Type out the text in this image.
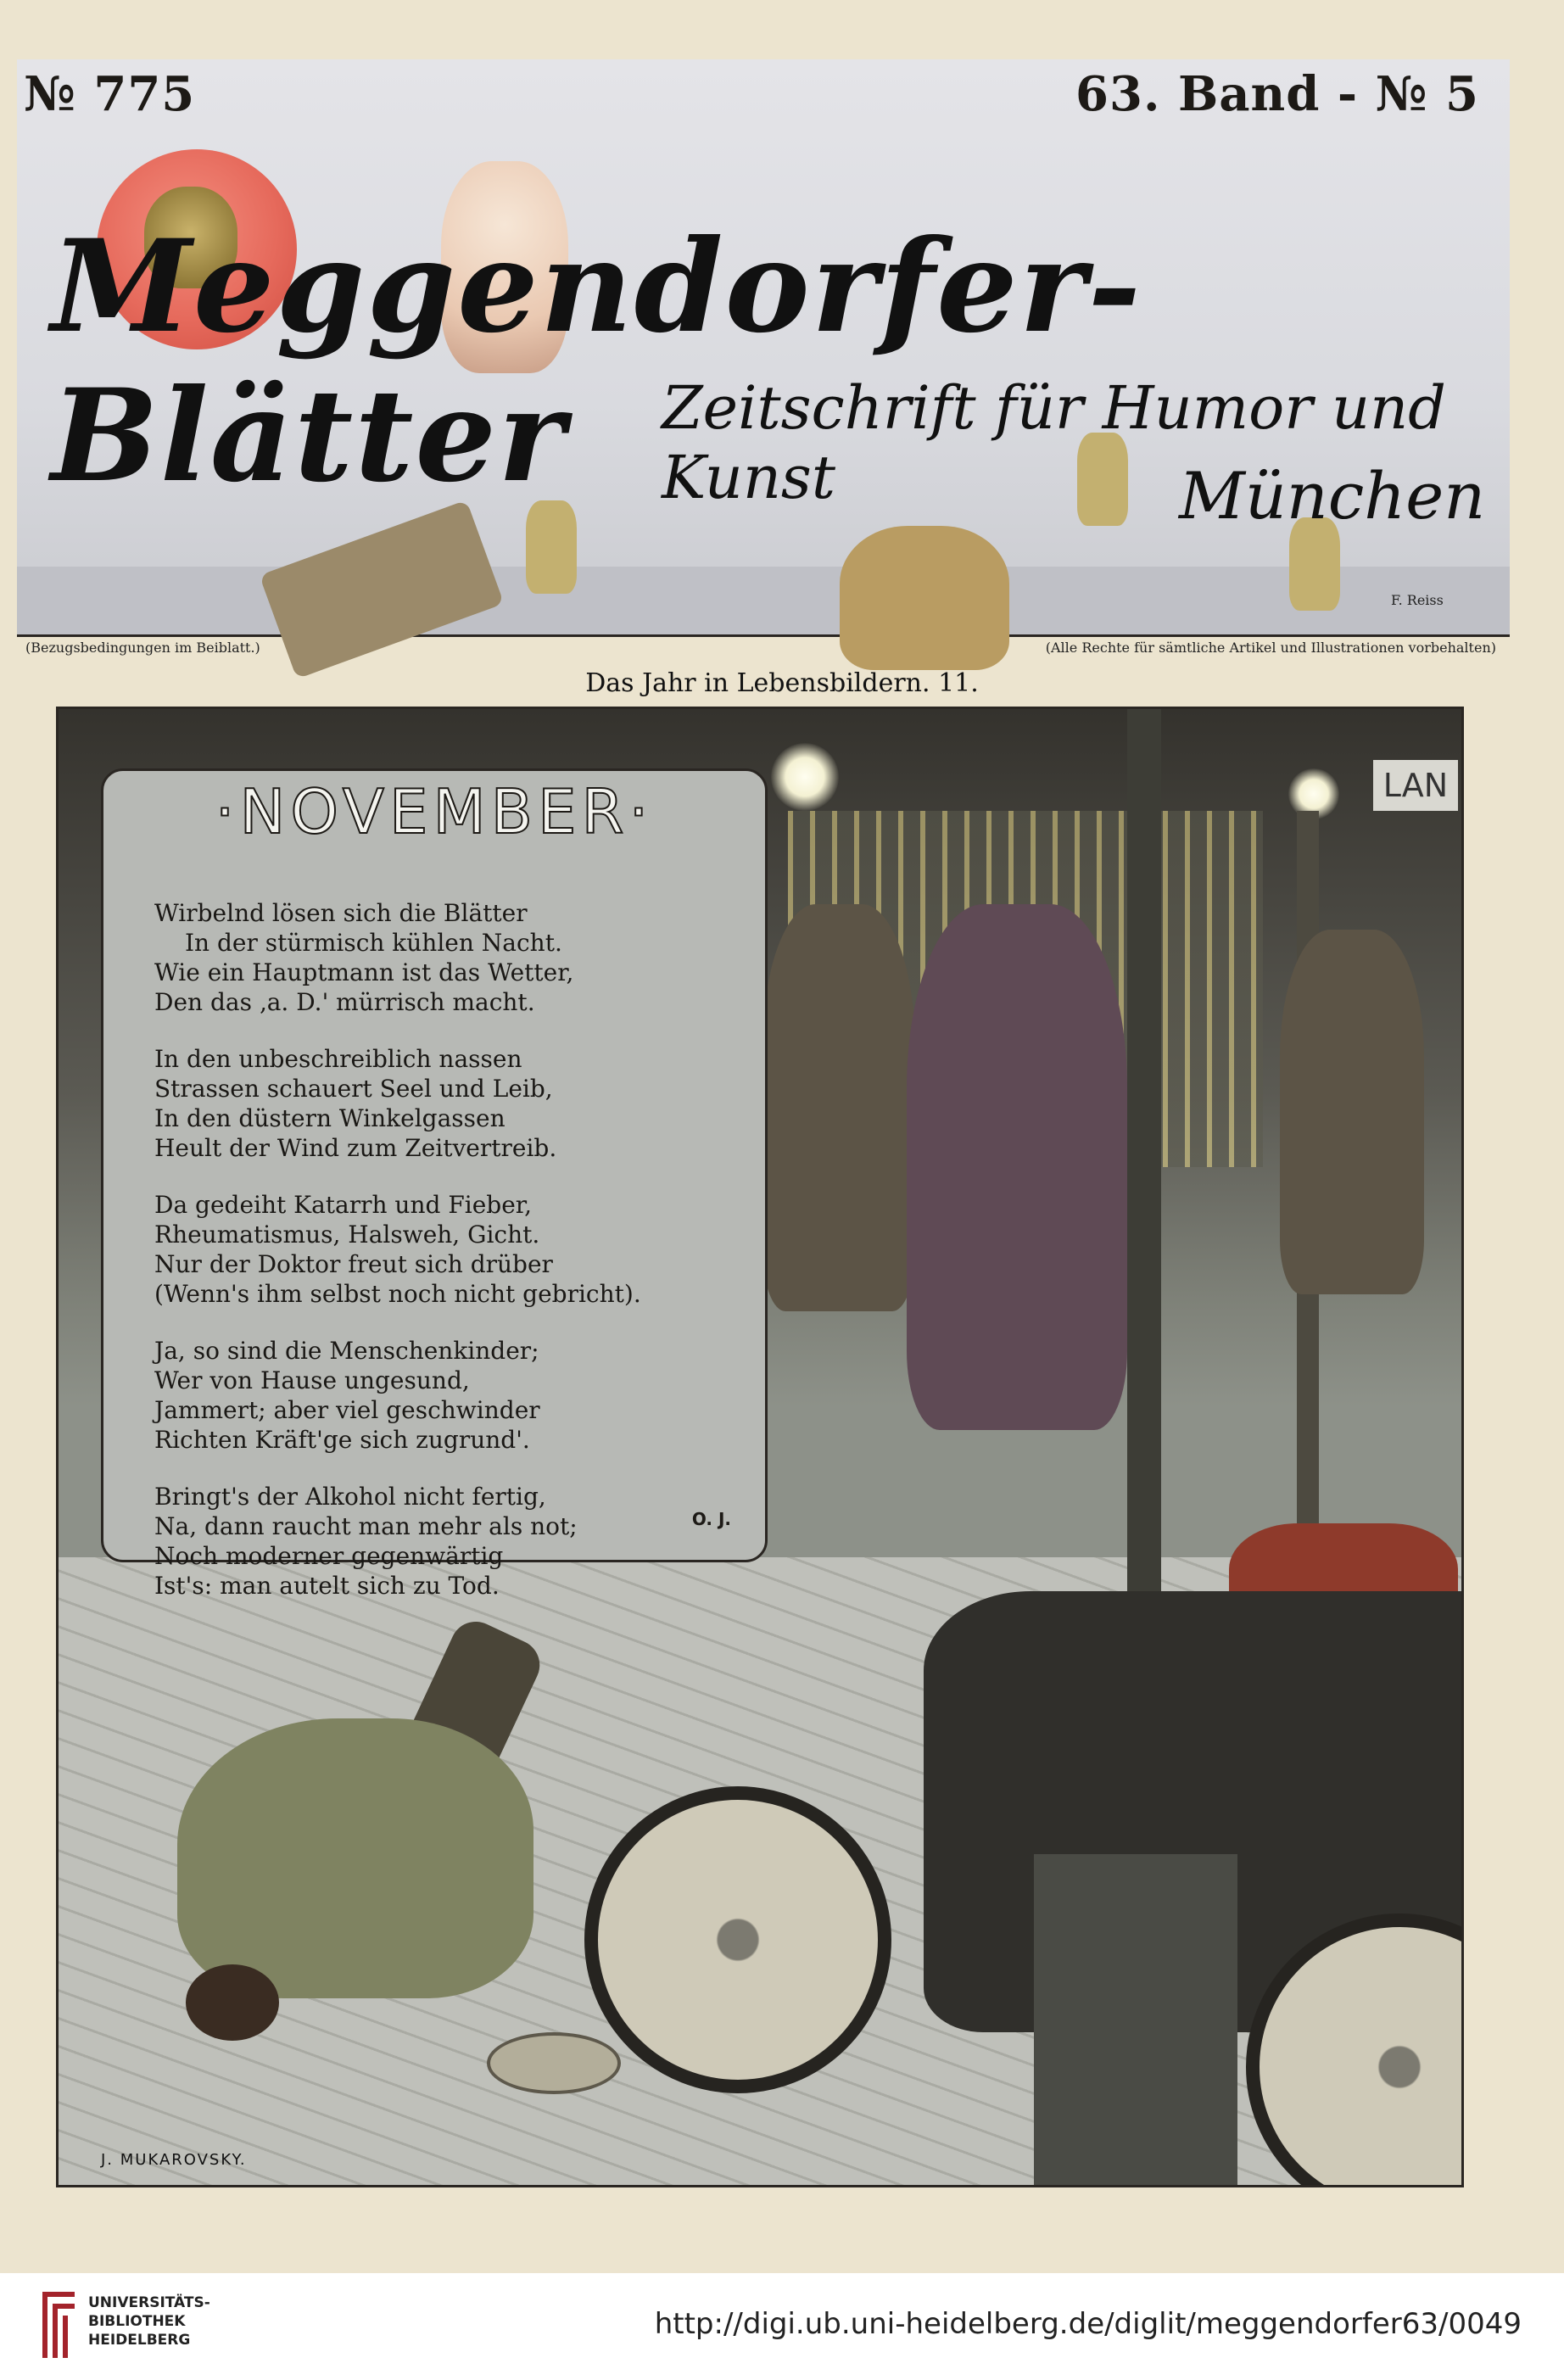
Meggendorfer-Blätter	Zeitschrift für Humor und Kunst	München
F. Reiss
№ 775	63. Band - № 5
(Bezugsbedingungen im Beiblatt.)	(Alle Rechte für sämtliche Artikel und Illustrationen vorbehalten)
Das Jahr in Lebensbildern. 11.
LAN
·NOVEMBER·
Wirbelnd lösen sich die Blätter
In der stürmisch kühlen Nacht.
Wie ein Hauptmann ist das Wetter,
Den das ‚a. D.' mürrisch macht.
In den unbeschreiblich nassen
Strassen schauert Seel und Leib,
In den düstern Winkelgassen
Heult der Wind zum Zeitvertreib.
Da gedeiht Katarrh und Fieber,
Rheumatismus, Halsweh, Gicht.
Nur der Doktor freut sich drüber
(Wenn's ihm selbst noch nicht gebricht).
Ja, so sind die Menschenkinder;
Wer von Hause ungesund,
Jammert; aber viel geschwinder
Richten Kräft'ge sich zugrund'.
Bringt's der Alkohol nicht fertig,
Na, dann raucht man mehr als not;
Noch moderner gegenwärtig
Ist's: man autelt sich zu Tod.
O. J.
J. MUKAROVSKY.
UNIVERSITÄTS-
BIBLIOTHEK
HEIDELBERG	http://digi.ub.uni-heidelberg.de/diglit/meggendorfer63/0049
